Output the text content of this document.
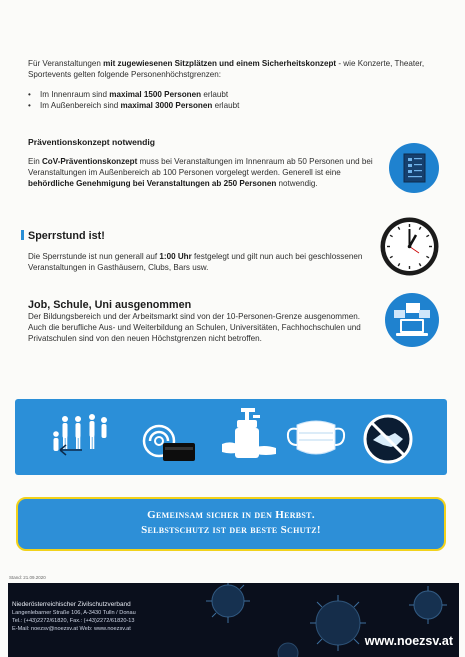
Für Veranstaltungen mit zugewiesenen Sitzplätzen und einem Sicherheitskonzept - wie Konzerte, Theater, Sportevents gelten folgende Personenhöchstgrenzen:

• Im Innenraum sind maximal 1500 Personen erlaubt
• Im Außenbereich sind maximal 3000 Personen erlaubt
Präventionskonzept notwendig

Ein CoV-Präventionskonzept muss bei Veranstaltungen im Innenraum ab 50 Personen und bei Veranstaltungen im Außenbereich ab 100 Personen vorgelegt werden. Generell ist eine behördliche Genehmigung bei Veranstaltungen ab 250 Personen notwendig.

Sperrstund ist!

Die Sperrstunde ist nun generall auf 1:00 Uhr festgelegt und gilt nun auch bei geschlossenen Veranstaltungen in Gasthäusern, Clubs, Bars usw.

Job, Schule, Uni ausgenommen

Der Bildungsbereich und der Arbeitsmarkt sind von der 10-Personen-Grenze ausgenommen. Auch die berufliche Aus- und Weiterbildung an Schulen, Universitäten, Fachhochschulen und Privatschulen sind von den neuen Höchstgrenzen nicht betroffen.

Gemeinsam sicher in den Herbst.
Selbstschutz ist der beste Schutz!
Stand: 21.09.2020
Niederösterreichischer Zivilschutzverband
Langenlebarner Straße 106, A-3430 Tulln / Donau
Tel.: (+43)2272/61820, Fax.: (+43)2272/61820-13
E-Mail: noezsv@noezsv.at Web: www.noezsv.at
www.noezsv.at
